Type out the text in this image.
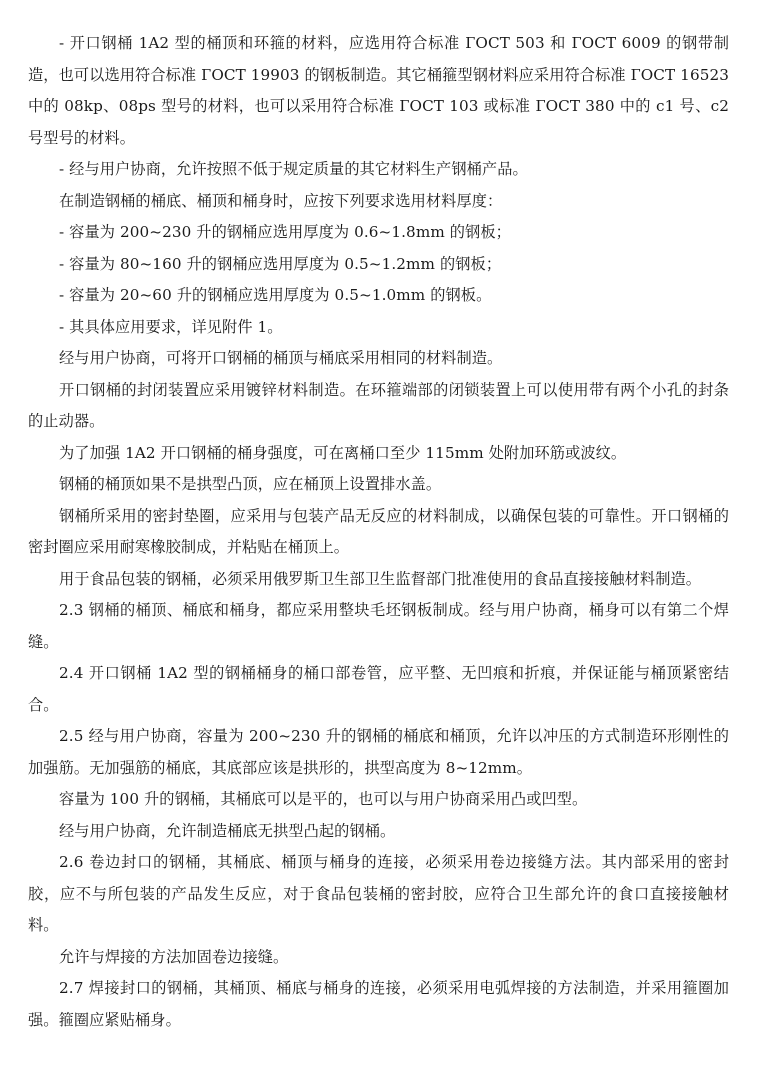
- 开口钢桶 1A2 型的桶顶和环箍的材料，应选用符合标准 ГОСТ 503 和 ГОСТ 6009 的钢带制造，也可以选用符合标准 ГОСТ 19903 的钢板制造。其它桶箍型钢材料应采用符合标准 ГОСТ 16523 中的 08kp、08ps 型号的材料，也可以采用符合标准 ГОСТ 103 或标准 ГОСТ 380 中的 c1 号、c2 号型号的材料。

- 经与用户协商，允许按照不低于规定质量的其它材料生产钢桶产品。

在制造钢桶的桶底、桶顶和桶身时，应按下列要求选用材料厚度：

- 容量为 200~230 升的钢桶应选用厚度为 0.6~1.8mm 的钢板；

- 容量为 80~160 升的钢桶应选用厚度为 0.5~1.2mm 的钢板；

- 容量为 20~60 升的钢桶应选用厚度为 0.5~1.0mm 的钢板。

- 其具体应用要求，详见附件 1。

经与用户协商，可将开口钢桶的桶顶与桶底采用相同的材料制造。

开口钢桶的封闭装置应采用镀锌材料制造。在环箍端部的闭锁装置上可以使用带有两个小孔的封条的止动器。

为了加强 1A2 开口钢桶的桶身强度，可在离桶口至少 115mm 处附加环筋或波纹。

钢桶的桶顶如果不是拱型凸顶，应在桶顶上设置排水盖。

钢桶所采用的密封垫圈，应采用与包装产品无反应的材料制成，以确保包装的可靠性。开口钢桶的密封圈应采用耐寒橡胶制成，并粘贴在桶顶上。

用于食品包装的钢桶，必须采用俄罗斯卫生部卫生监督部门批准使用的食品直接接触材料制造。

2.3 钢桶的桶顶、桶底和桶身，都应采用整块毛坯钢板制成。经与用户协商，桶身可以有第二个焊缝。

2.4 开口钢桶 1A2 型的钢桶桶身的桶口部卷管，应平整、无凹痕和折痕，并保证能与桶顶紧密结合。

2.5 经与用户协商，容量为 200~230 升的钢桶的桶底和桶顶，允许以冲压的方式制造环形刚性的加强筋。无加强筋的桶底，其底部应该是拱形的，拱型高度为 8~12mm。

容量为 100 升的钢桶，其桶底可以是平的，也可以与用户协商采用凸或凹型。

经与用户协商，允许制造桶底无拱型凸起的钢桶。

2.6 卷边封口的钢桶，其桶底、桶顶与桶身的连接，必须采用卷边接缝方法。其内部采用的密封胶，应不与所包装的产品发生反应，对于食品包装桶的密封胶，应符合卫生部允许的食口直接接触材料。

允许与焊接的方法加固卷边接缝。

2.7 焊接封口的钢桶，其桶顶、桶底与桶身的连接，必须采用电弧焊接的方法制造，并采用箍圈加强。箍圈应紧贴桶身。
